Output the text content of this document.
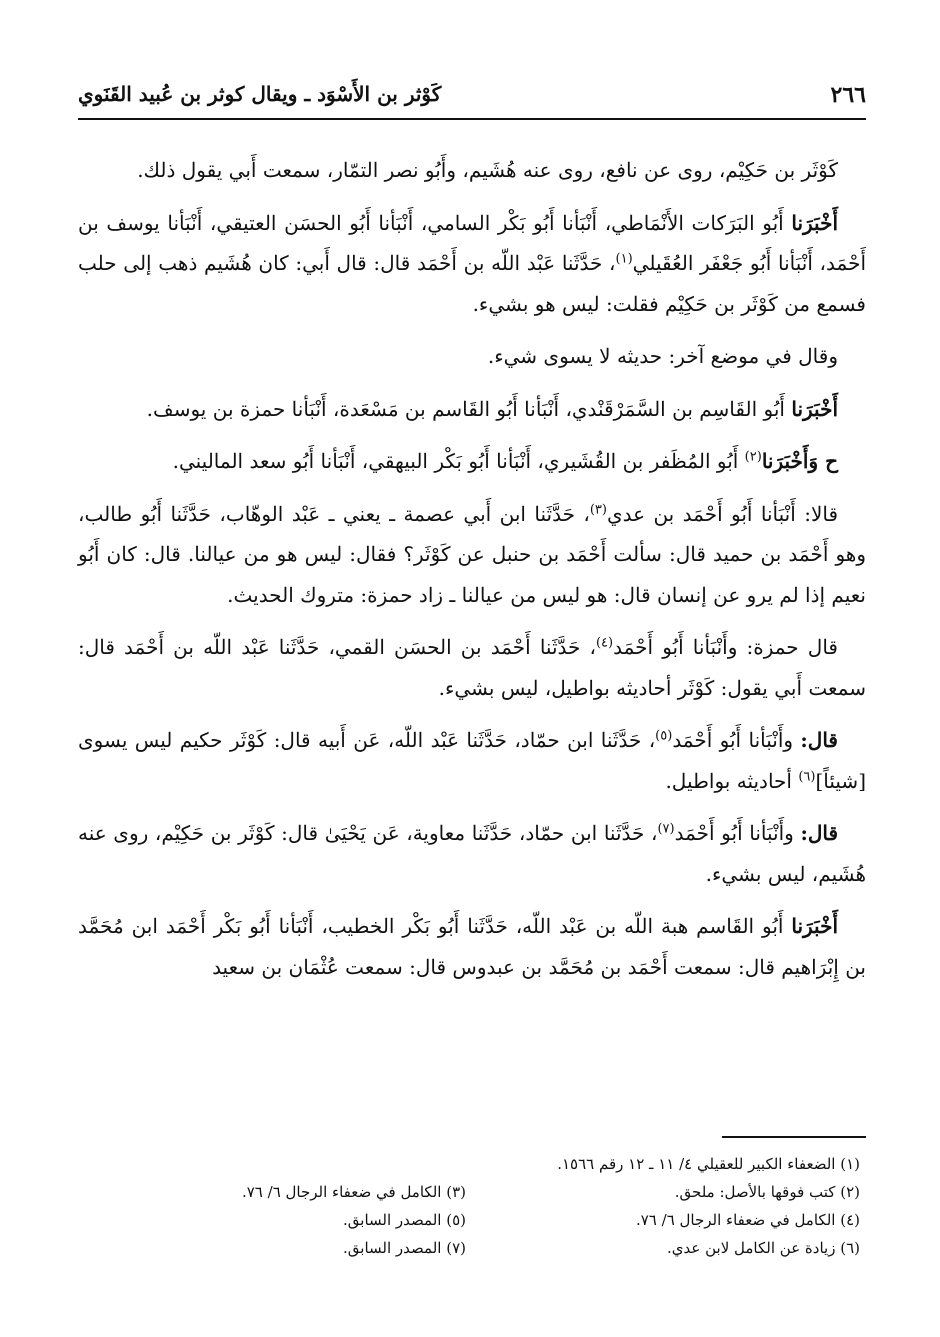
٢٦٦
كَوْثر بن الأَسْوَد ـ ويقال كوثر بن عُبيد القَنَوي

كَوْثَر بن حَكِيْم، روى عن نافع، روى عنه هُشَيم، وأَبُو نصر التمّار، سمعت أَبي يقول ذلك.

أَخْبَرَنا أَبُو البَرَكات الأَنْمَاطي، أَنْبَأنا أَبُو بَكْر السامي، أَنْبَأنا أَبُو الحسَن العتيقي، أَنْبَأنا يوسف بن أَحْمَد، أَنْبَأنا أَبُو جَعْفَر العُقَيلي$^{(١)}$، حَدَّثَنا عَبْد اللّه بن أَحْمَد قال: قال أَبي: كان هُشَيم ذهب إلى حلب فسمع من كَوْثَر بن حَكِيْم فقلت: ليس هو بشيء.

وقال في موضع آخر: حديثه لا يسوى شيء.

أَخْبَرَنا أَبُو القَاسِم بن السَّمَرْقَنْدي، أَنْبَأنا أَبُو القَاسم بن مَسْعَدة، أَنْبَأنا حمزة بن يوسف.

ح وَأَخْبَرَنا$^{(٢)}$ أَبُو المُظَفر بن القُشَيري، أَنْبَأنا أَبُو بَكْر البيهقي، أَنْبَأنا أَبُو سعد الماليني.

قالا: أَنْبَأنا أَبُو أَحْمَد بن عدي$^{(٣)}$، حَدَّثَنا ابن أَبي عصمة ـ يعني ـ عَبْد الوهّاب، حَدَّثَنا أَبُو طالب، وهو أَحْمَد بن حميد قال: سألت أَحْمَد بن حنبل عن كَوْثَر؟ فقال: ليس هو من عيالنا. قال: كان أَبُو نعيم إذا لم يرو عن إنسان قال: هو ليس من عيالنا ـ زاد حمزة: متروك الحديث.

قال حمزة: وأَنْبَأنا أَبُو أَحْمَد$^{(٤)}$، حَدَّثَنا أَحْمَد بن الحسَن القمي، حَدَّثَنا عَبْد اللّه بن أَحْمَد قال: سمعت أَبي يقول: كَوْثَر أحاديثه بواطيل، ليس بشيء.

قال: وأَنْبَأنا أَبُو أَحْمَد$^{(٥)}$، حَدَّثَنا ابن حمّاد، حَدَّثَنا عَبْد اللّه، عَن أَبيه قال: كَوْثَر حكيم ليس يسوى [شيئاً]$^{(٦)}$ أحاديثه بواطيل.

قال: وأَنْبَأنا أَبُو أَحْمَد$^{(٧)}$، حَدَّثَنا ابن حمّاد، حَدَّثَنا معاوية، عَن يَحْيَىٰ قال: كَوْثَر بن حَكِيْم، روى عنه هُشَيم، ليس بشيء.

أَخْبَرَنا أَبُو القَاسم هبة اللّه بن عَبْد اللّه، حَدَّثَنا أَبُو بَكْر الخطيب، أَنْبَأنا أَبُو بَكْر أَحْمَد ابن مُحَمَّد بن إِبْرَاهيم قال: سمعت أَحْمَد بن مُحَمَّد بن عبدوس قال: سمعت عُثْمَان بن سعيد

(١) الضعفاء الكبير للعقيلي ٤/ ١١ ـ ١٢ رقم ١٥٦٦.
(٢) كتب فوقها بالأصل: ملحق.
(٣) الكامل في ضعفاء الرجال ٦/ ٧٦.
(٤) الكامل في ضعفاء الرجال ٦/ ٧٦.
(٥) المصدر السابق.
(٦) زيادة عن الكامل لابن عدي.
(٧) المصدر السابق.
